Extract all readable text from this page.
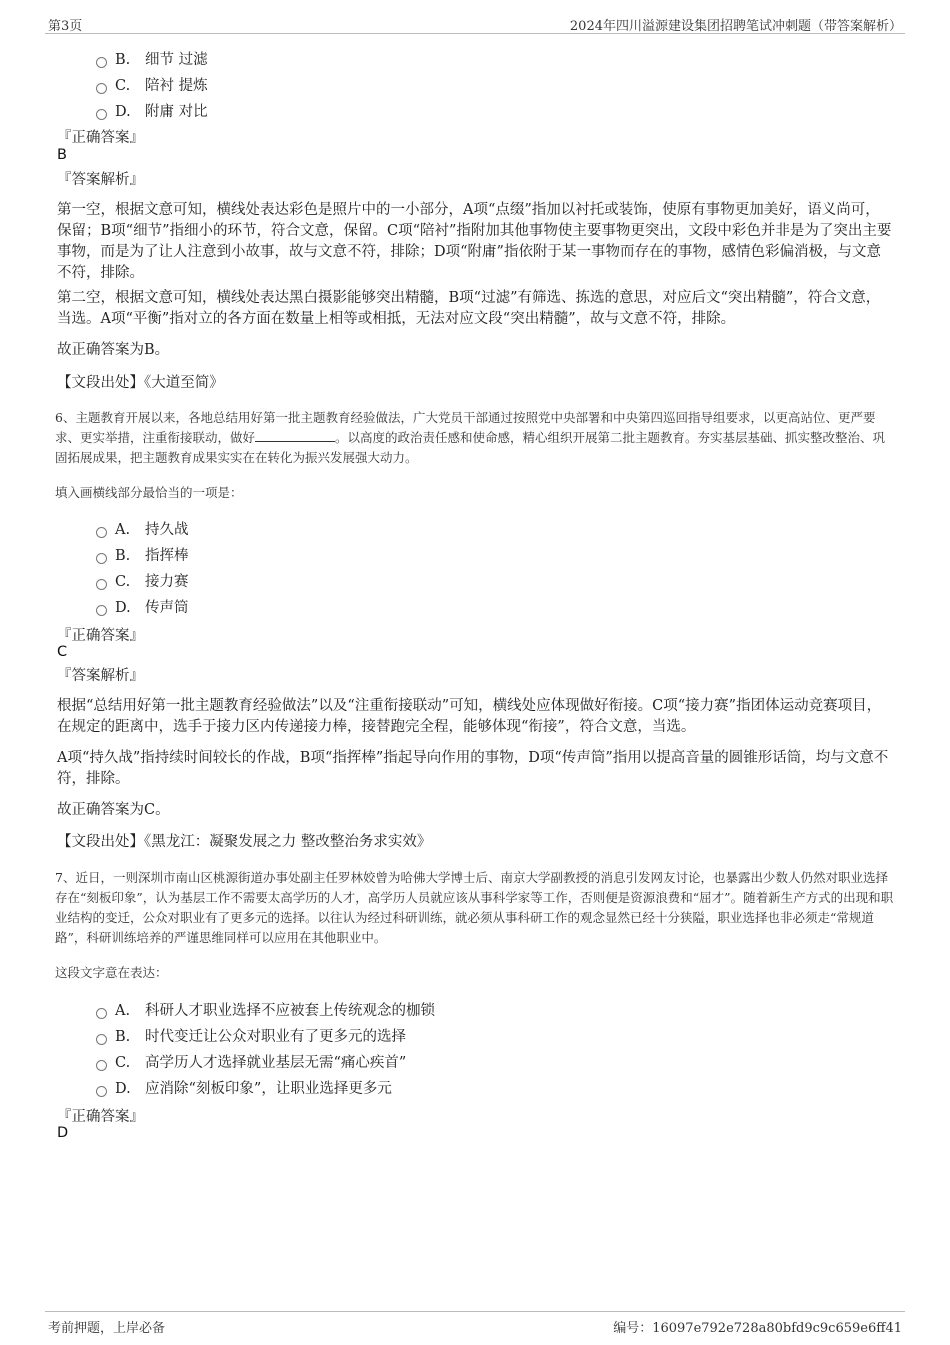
第3页	2024年四川溢源建设集团招聘笔试冲刺题（带答案解析）
B. 细节 过滤
C. 陪衬 提炼
D. 附庸 对比
『正确答案』
B
『答案解析』

第一空，根据文意可知，横线处表达彩色是照片中的一小部分，A项“点缀”指加以衬托或装饰，使原有事物更加美好，语义尚可，保留；B项“细节”指细小的环节，符合文意，保留。C项“陪衬”指附加其他事物使主要事物更突出，文段中彩色并非是为了突出主要事物，而是为了让人注意到小故事，故与文意不符，排除；D项“附庸”指依附于某一事物而存在的事物，感情色彩偏消极，与文意不符，排除。

第二空，根据文意可知，横线处表达黑白摄影能够突出精髓，B项“过滤”有筛选、拣选的意思，对应后文“突出精髓”，符合文意，当选。A项“平衡”指对立的各方面在数量上相等或相抵，无法对应文段“突出精髓”，故与文意不符，排除。

故正确答案为B。

【文段出处】《大道至简》

6、主题教育开展以来，各地总结用好第一批主题教育经验做法，广大党员干部通过按照党中央部署和中央第四巡回指导组要求，以更高站位、更严要求、更实举措，注重衔接联动，做好	。以高度的政治责任感和使命感，精心组织开展第二批主题教育。夯实基层基础、抓实整改整治、巩固拓展成果，把主题教育成果实实在在转化为振兴发展强大动力。

填入画横线部分最恰当的一项是：

A. 持久战
B. 指挥棒
C. 接力赛
D. 传声筒
『正确答案』
C
『答案解析』

根据“总结用好第一批主题教育经验做法”以及“注重衔接联动”可知，横线处应体现做好衔接。C项“接力赛”指团体运动竞赛项目，在规定的距离中，选手于接力区内传递接力棒，接替跑完全程，能够体现“衔接”，符合文意，当选。

A项“持久战”指持续时间较长的作战，B项“指挥棒”指起导向作用的事物，D项“传声筒”指用以提高音量的圆锥形话筒，均与文意不符，排除。

故正确答案为C。

【文段出处】《黑龙江：凝聚发展之力 整改整治务求实效》

7、近日，一则深圳市南山区桃源街道办事处副主任罗林姣曾为哈佛大学博士后、南京大学副教授的消息引发网友讨论，也暴露出少数人仍然对职业选择存在“刻板印象”，认为基层工作不需要太高学历的人才，高学历人员就应该从事科学家等工作，否则便是资源浪费和“屈才”。随着新生产方式的出现和职业结构的变迁，公众对职业有了更多元的选择。以往认为经过科研训练，就必须从事科研工作的观念显然已经十分狭隘，职业选择也非必须走“常规道路”，科研训练培养的严谨思维同样可以应用在其他职业中。

这段文字意在表达：

A. 科研人才职业选择不应被套上传统观念的枷锁
B. 时代变迁让公众对职业有了更多元的选择
C. 高学历人才选择就业基层无需“痛心疾首”
D. 应消除“刻板印象”，让职业选择更多元
『正确答案』
D
考前押题，上岸必备	编号：16097e792e728a80bfd9c9c659e6ff41
